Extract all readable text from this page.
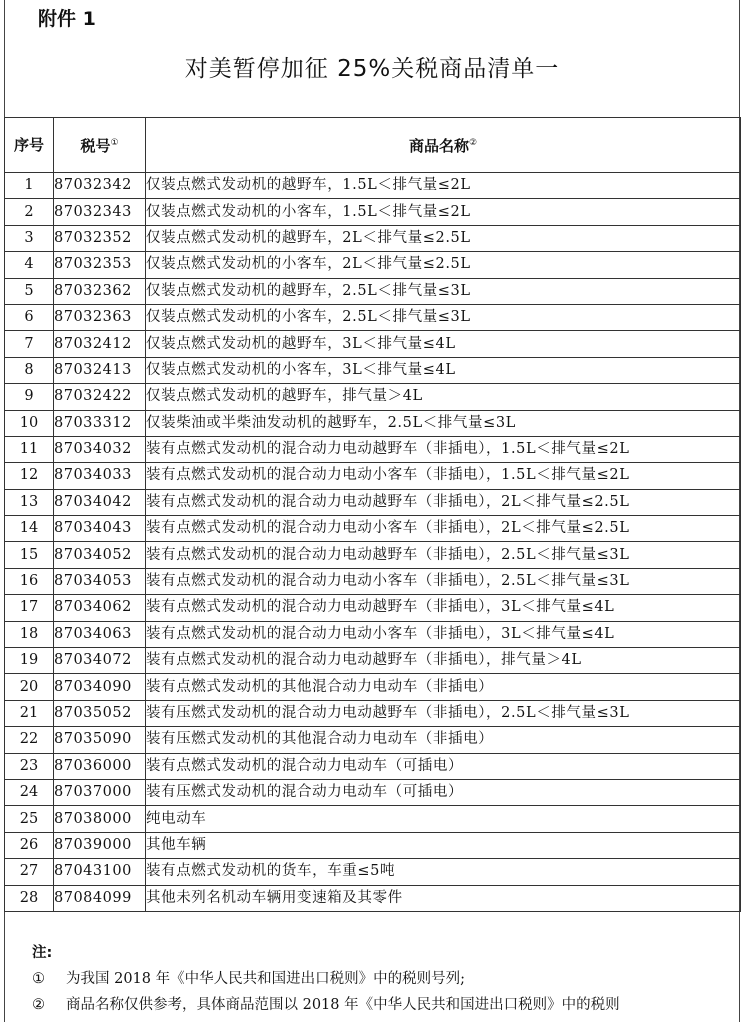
附件 1
对美暂停加征 25%关税商品清单一
序号	税号①	商品名称②
1	87032342	仅装点燃式发动机的越野车，1.5L＜排气量≤2L
2	87032343	仅装点燃式发动机的小客车，1.5L＜排气量≤2L
3	87032352	仅装点燃式发动机的越野车，2L＜排气量≤2.5L
4	87032353	仅装点燃式发动机的小客车，2L＜排气量≤2.5L
5	87032362	仅装点燃式发动机的越野车，2.5L＜排气量≤3L
6	87032363	仅装点燃式发动机的小客车，2.5L＜排气量≤3L
7	87032412	仅装点燃式发动机的越野车，3L＜排气量≤4L
8	87032413	仅装点燃式发动机的小客车，3L＜排气量≤4L
9	87032422	仅装点燃式发动机的越野车，排气量＞4L
10	87033312	仅装柴油或半柴油发动机的越野车，2.5L＜排气量≤3L
11	87034032	装有点燃式发动机的混合动力电动越野车（非插电），1.5L＜排气量≤2L
12	87034033	装有点燃式发动机的混合动力电动小客车（非插电），1.5L＜排气量≤2L
13	87034042	装有点燃式发动机的混合动力电动越野车（非插电），2L＜排气量≤2.5L
14	87034043	装有点燃式发动机的混合动力电动小客车（非插电），2L＜排气量≤2.5L
15	87034052	装有点燃式发动机的混合动力电动越野车（非插电），2.5L＜排气量≤3L
16	87034053	装有点燃式发动机的混合动力电动小客车（非插电），2.5L＜排气量≤3L
17	87034062	装有点燃式发动机的混合动力电动越野车（非插电），3L＜排气量≤4L
18	87034063	装有点燃式发动机的混合动力电动小客车（非插电），3L＜排气量≤4L
19	87034072	装有点燃式发动机的混合动力电动越野车（非插电），排气量＞4L
20	87034090	装有点燃式发动机的其他混合动力电动车（非插电）
21	87035052	装有压燃式发动机的混合动力电动越野车（非插电），2.5L＜排气量≤3L
22	87035090	装有压燃式发动机的其他混合动力电动车（非插电）
23	87036000	装有点燃式发动机的混合动力电动车（可插电）
24	87037000	装有压燃式发动机的混合动力电动车（可插电）
25	87038000	纯电动车
26	87039000	其他车辆
27	87043100	装有点燃式发动机的货车，车重≤5吨
28	87084099	其他未列名机动车辆用变速箱及其零件
注:
① 为我国 2018 年《中华人民共和国进出口税则》中的税则号列;
② 商品名称仅供参考，具体商品范围以 2018 年《中华人民共和国进出口税则》中的税则
